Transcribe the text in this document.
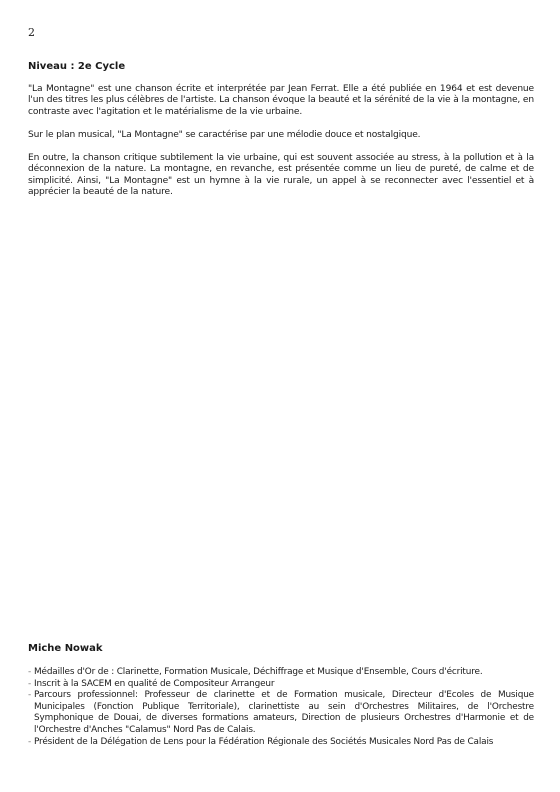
2
Niveau : 2e Cycle

"La Montagne" est une chanson écrite et interprétée par Jean Ferrat. Elle a été publiée en 1964 et est devenue l'un des titres les plus célèbres de l'artiste. La chanson évoque la beauté et la sérénité de la vie à la montagne, en contraste avec l'agitation et le matérialisme de la vie urbaine.

Sur le plan musical, "La Montagne" se caractérise par une mélodie douce et nostalgique.

En outre, la chanson critique subtilement la vie urbaine, qui est souvent associée au stress, à la pollution et à la déconnexion de la nature. La montagne, en revanche, est présentée comme un lieu de pureté, de calme et de simplicité. Ainsi, "La Montagne" est un hymne à la vie rurale, un appel à se reconnecter avec l'essentiel et à apprécier la beauté de la nature.

Miche Nowak
- Médailles d'Or de : Clarinette, Formation Musicale, Déchiffrage et Musique d'Ensemble, Cours d'écriture.
- Inscrit à la SACEM en qualité de Compositeur Arrangeur
- Parcours professionnel: Professeur de clarinette et de Formation musicale, Directeur d'Ecoles de Musique Municipales (Fonction Publique Territoriale), clarinettiste au sein d'Orchestres Militaires, de l'Orchestre Symphonique de Douai, de diverses formations amateurs, Direction de plusieurs Orchestres d'Harmonie et de l'Orchestre d'Anches "Calamus" Nord Pas de Calais.
- Président de la Délégation de Lens pour la Fédération Régionale des Sociétés Musicales Nord Pas de Calais
